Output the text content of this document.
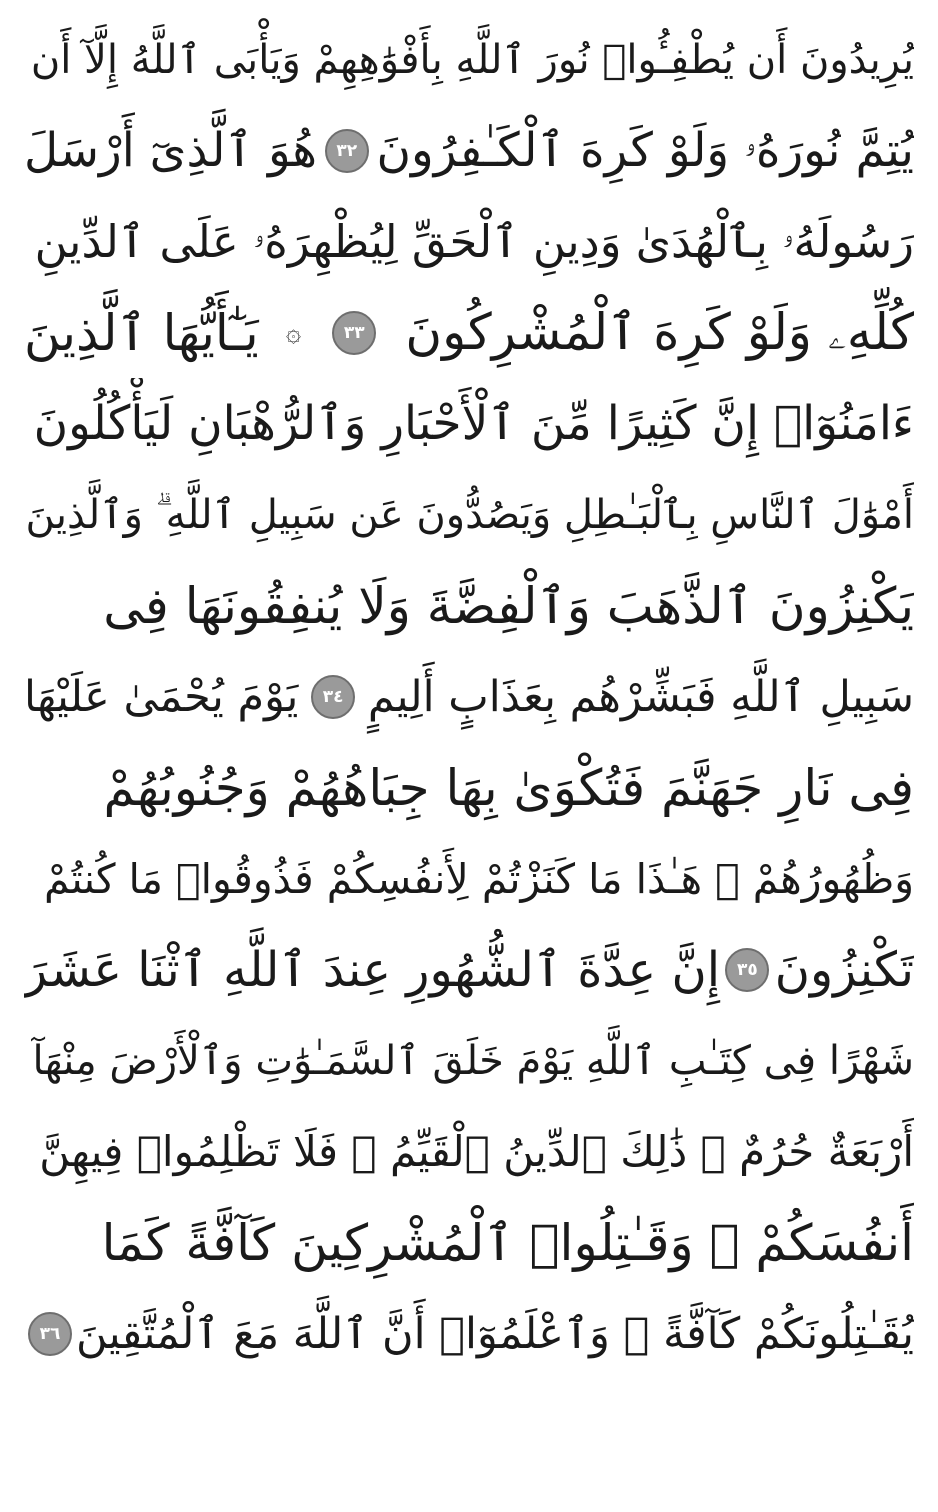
يُرِيدُونَ أَن يُطْفِـُٔوا۟ نُورَ ٱللَّهِ بِأَفْوَٰهِهِمْ وَيَأْبَى ٱللَّهُ إِلَّآ أَن
يُتِمَّ نُورَهُۥ وَلَوْ كَرِهَ ٱلْكَـٰفِرُونَ
٣٢
هُوَ ٱلَّذِىٓ أَرْسَلَ
رَسُولَهُۥ بِٱلْهُدَىٰ وَدِينِ ٱلْحَقِّ لِيُظْهِرَهُۥ عَلَى ٱلدِّينِ
كُلِّهِۦ وَلَوْ كَرِهَ ٱلْمُشْرِكُونَ
٣٣
۞
يَـٰٓأَيُّهَا ٱلَّذِينَ
ءَامَنُوٓا۟ إِنَّ كَثِيرًا مِّنَ ٱلْأَحْبَارِ وَٱلرُّهْبَانِ لَيَأْكُلُونَ
أَمْوَٰلَ ٱلنَّاسِ بِٱلْبَـٰطِلِ وَيَصُدُّونَ عَن سَبِيلِ ٱللَّهِ ۗ وَٱلَّذِينَ
يَكْنِزُونَ ٱلذَّهَبَ وَٱلْفِضَّةَ وَلَا يُنفِقُونَهَا فِى
سَبِيلِ ٱللَّهِ فَبَشِّرْهُم بِعَذَابٍ أَلِيمٍ
٣٤
يَوْمَ يُحْمَىٰ عَلَيْهَا
فِى نَارِ جَهَنَّمَ فَتُكْوَىٰ بِهَا جِبَاهُهُمْ وَجُنُوبُهُمْ
وَظُهُورُهُمْ ۖ هَـٰذَا مَا كَنَزْتُمْ لِأَنفُسِكُمْ فَذُوقُوا۟ مَا كُنتُمْ
تَكْنِزُونَ
٣٥
إِنَّ عِدَّةَ ٱلشُّهُورِ عِندَ ٱللَّهِ ٱثْنَا عَشَرَ
شَهْرًا فِى كِتَـٰبِ ٱللَّهِ يَوْمَ خَلَقَ ٱلسَّمَـٰوَٰتِ وَٱلْأَرْضَ مِنْهَآ
أَرْبَعَةٌ حُرُمٌ ۚ ذَٰلِكَ ٱلدِّينُ ٱلْقَيِّمُ ۚ فَلَا تَظْلِمُوا۟ فِيهِنَّ
أَنفُسَكُمْ ۚ وَقَـٰتِلُوا۟ ٱلْمُشْرِكِينَ كَآفَّةً كَمَا
يُقَـٰتِلُونَكُمْ كَآفَّةً ۚ وَٱعْلَمُوٓا۟ أَنَّ ٱللَّهَ مَعَ ٱلْمُتَّقِينَ
٣٦
